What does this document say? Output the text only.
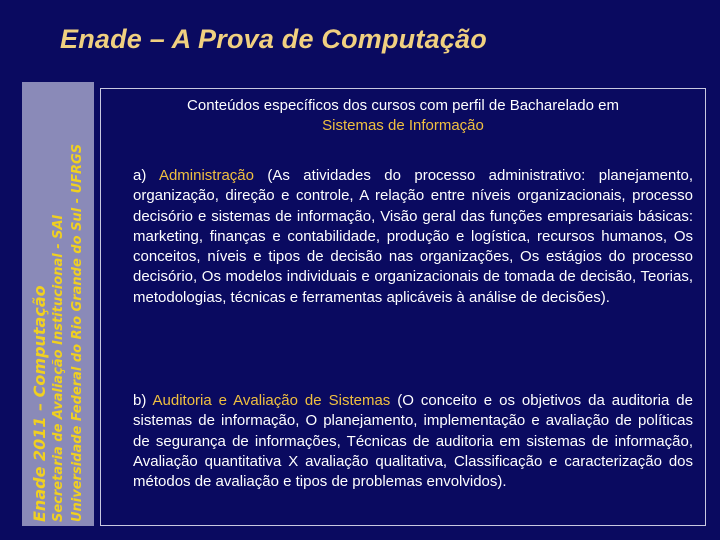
Enade – A Prova de Computação
Enade 2011 – Computação Secretaria de Avaliação Institucional - SAI Universidade Federal do Rio Grande do Sul - UFRGS
Conteúdos específicos dos cursos com perfil de Bacharelado em
Sistemas de Informação
a) Administração (As atividades do processo administrativo: planejamento, organização, direção e controle, A relação entre níveis organizacionais, processo decisório e sistemas de informação, Visão geral das funções empresariais básicas: marketing, finanças e contabilidade, produção e logística, recursos humanos, Os conceitos, níveis e tipos de decisão nas organizações, Os estágios do processo decisório, Os modelos individuais e organizacionais de tomada de decisão, Teorias, metodologias, técnicas e ferramentas aplicáveis à análise de decisões).
b) Auditoria e Avaliação de Sistemas (O conceito e os objetivos da auditoria de sistemas de informação, O planejamento, implementação e avaliação de políticas de segurança de informações, Técnicas de auditoria em sistemas de informação, Avaliação quantitativa X avaliação qualitativa, Classificação e caracterização dos métodos de avaliação e tipos de problemas envolvidos).
